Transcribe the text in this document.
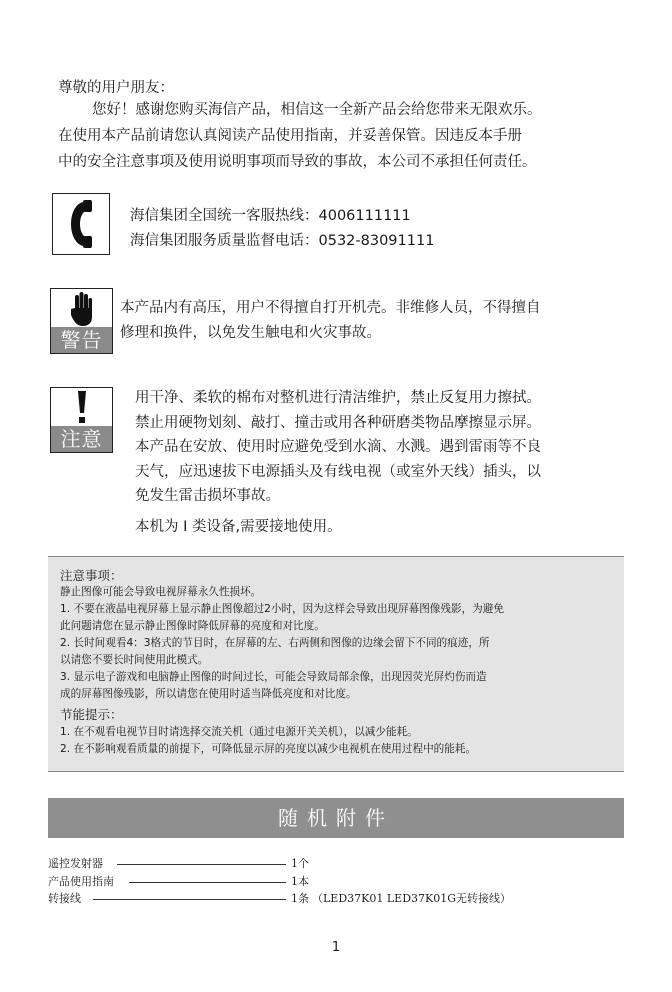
尊敬的用户朋友：

您好！感谢您购买海信产品，相信这一全新产品会给您带来无限欢乐。

在使用本产品前请您认真阅读产品使用指南，并妥善保管。因违反本手册

中的安全注意事项及使用说明事项而导致的事故，本公司不承担任何责任。

海信集团全国统一客服热线：4006111111
海信集团服务质量监督电话：0532-83091111
警告
本产品内有高压，用户不得擅自打开机壳。非维修人员，不得擅自
修理和换件，以免发生触电和火灾事故。
注意

用干净、柔软的棉布对整机进行清洁维护，禁止反复用力擦拭。

禁止用硬物划刻、敲打、撞击或用各种研磨类物品摩擦显示屏。

本产品在安放、使用时应避免受到水滴、水溅。遇到雷雨等不良

天气，应迅速拔下电源插头及有线电视（或室外天线）插头，以

免发生雷击损坏事故。

本机为 I 类设备,需要接地使用。

注意事项：

静止图像可能会导致电视屏幕永久性损坏。

1. 不要在液晶电视屏幕上显示静止图像超过2小时，因为这样会导致出现屏幕图像残影，为避免

此问题请您在显示静止图像时降低屏幕的亮度和对比度。

2. 长时间观看4：3格式的节目时，在屏幕的左、右两侧和图像的边缘会留下不同的痕迹，所

以请您不要长时间使用此模式。

3. 显示电子游戏和电脑静止图像的时间过长，可能会导致局部余像，出现因荧光屏灼伤而造

成的屏幕图像残影，所以请您在使用时适当降低亮度和对比度。

节能提示：

1. 在不观看电视节目时请选择交流关机（通过电源开关关机），以减少能耗。

2. 在不影响观看质量的前提下，可降低显示屏的亮度以减少电视机在使用过程中的能耗。

随机附件
遥控发射器	1个
产品使用指南	1本
转接线	1条 （LED37K01 LED37K01G无转接线）
1
